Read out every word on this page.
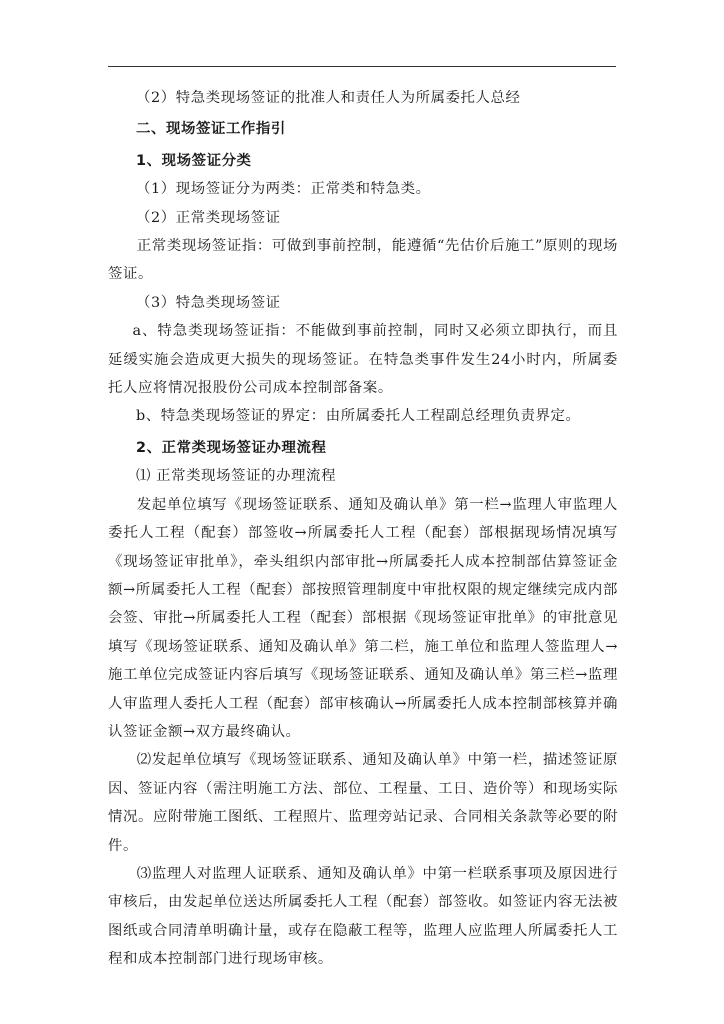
（2）特急类现场签证的批准人和责任人为所属委托人总经
二、现场签证工作指引
1、现场签证分类
（1）现场签证分为两类：正常类和特急类。
（2）正常类现场签证
正常类现场签证指：可做到事前控制，能遵循“先估价后施工”原则的现场签证。
（3）特急类现场签证
a、特急类现场签证指：不能做到事前控制，同时又必须立即执行，而且延缓实施会造成更大损失的现场签证。在特急类事件发生24小时内，所属委托人应将情况报股份公司成本控制部备案。
b、特急类现场签证的界定：由所属委托人工程副总经理负责界定。
2、正常类现场签证办理流程
⑴ 正常类现场签证的办理流程
发起单位填写《现场签证联系、通知及确认单》第一栏→监理人审监理人委托人工程（配套）部签收→所属委托人工程（配套）部根据现场情况填写《现场签证审批单》，牵头组织内部审批→所属委托人成本控制部估算签证金额→所属委托人工程（配套）部按照管理制度中审批权限的规定继续完成内部会签、审批→所属委托人工程（配套）部根据《现场签证审批单》的审批意见填写《现场签证联系、通知及确认单》第二栏，施工单位和监理人签监理人→施工单位完成签证内容后填写《现场签证联系、通知及确认单》第三栏→监理人审监理人委托人工程（配套）部审核确认→所属委托人成本控制部核算并确认签证金额→双方最终确认。
⑵发起单位填写《现场签证联系、通知及确认单》中第一栏，描述签证原因、签证内容（需注明施工方法、部位、工程量、工日、造价等）和现场实际情况。应附带施工图纸、工程照片、监理旁站记录、合同相关条款等必要的附件。
⑶监理人对监理人证联系、通知及确认单》中第一栏联系事项及原因进行审核后，由发起单位送达所属委托人工程（配套）部签收。如签证内容无法被图纸或合同清单明确计量，或存在隐蔽工程等，监理人应监理人所属委托人工程和成本控制部门进行现场审核。
